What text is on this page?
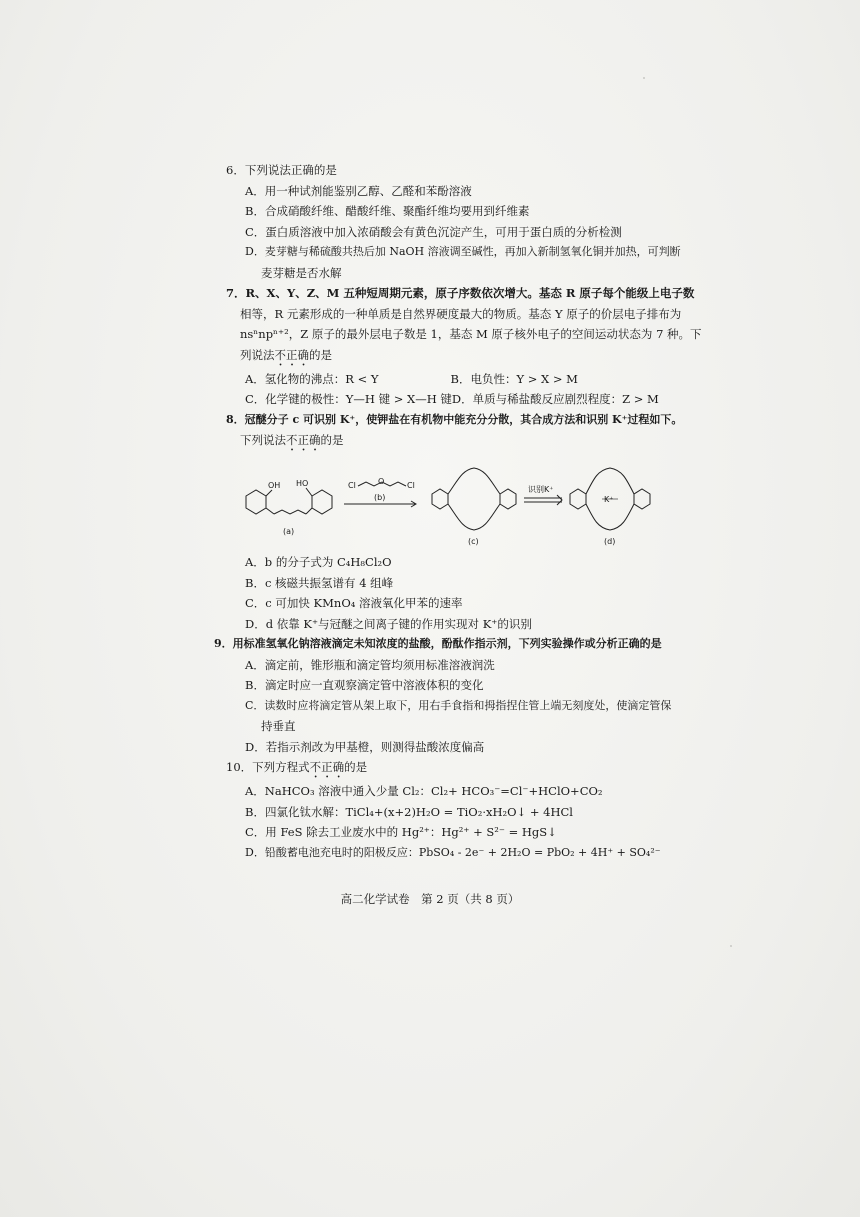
6．下列说法正确的是

A．用一种试剂能鉴别乙醇、乙醛和苯酚溶液

B．合成硝酸纤维、醋酸纤维、聚酯纤维均要用到纤维素

C．蛋白质溶液中加入浓硝酸会有黄色沉淀产生，可用于蛋白质的分析检测

D．麦芽糖与稀硫酸共热后加 NaOH 溶液调至碱性，再加入新制氢氧化铜并加热，可判断

麦芽糖是否水解

7．R、X、Y、Z、M 五种短周期元素，原子序数依次增大。基态 R 原子每个能级上电子数

相等，R 元素形成的一种单质是自然界硬度最大的物质。基态 Y 原子的价层电子排布为

nsⁿnpⁿ⁺²，Z 原子的最外层电子数是 1，基态 M 原子核外电子的空间运动状态为 7 种。下

列说法不正确的是

A．氢化物的沸点：R < Y	B．电负性：Y > X > M
C．化学键的极性：Y—H 键 > X—H 键 D．单质与稀盐酸反应剧烈程度：Z > M

8．冠醚分子 c 可识别 K⁺，使钾盐在有机物中能充分分散，其合成方法和识别 K⁺过程如下。

下列说法不正确的是

OH HO
(a)
Cl	Cl
(b)
O
(c)
识别K⁺
K⁺
(d)

A．b 的分子式为 C₄H₈Cl₂O

B．c 核磁共振氢谱有 4 组峰

C．c 可加快 KMnO₄ 溶液氧化甲苯的速率

D．d 依靠 K⁺与冠醚之间离子键的作用实现对 K⁺的识别

9．用标准氢氧化钠溶液滴定未知浓度的盐酸，酚酞作指示剂，下列实验操作或分析正确的是

A．滴定前，锥形瓶和滴定管均须用标准溶液润洗

B．滴定时应一直观察滴定管中溶液体积的变化

C．读数时应将滴定管从架上取下，用右手食指和拇指捏住管上端无刻度处，使滴定管保

持垂直

D．若指示剂改为甲基橙，则测得盐酸浓度偏高

10．下列方程式不正确的是

A．NaHCO₃ 溶液中通入少量 Cl₂：Cl₂+ HCO₃⁻=Cl⁻+HClO+CO₂

B．四氯化钛水解：TiCl₄+(x+2)H₂O = TiO₂·xH₂O↓ + 4HCl

C．用 FeS 除去工业废水中的 Hg²⁺：Hg²⁺ + S²⁻ = HgS↓

D．铅酸蓄电池充电时的阳极反应：PbSO₄ - 2e⁻ + 2H₂O = PbO₂ + 4H⁺ + SO₄²⁻

高二化学试卷　第 2 页（共 8 页）
